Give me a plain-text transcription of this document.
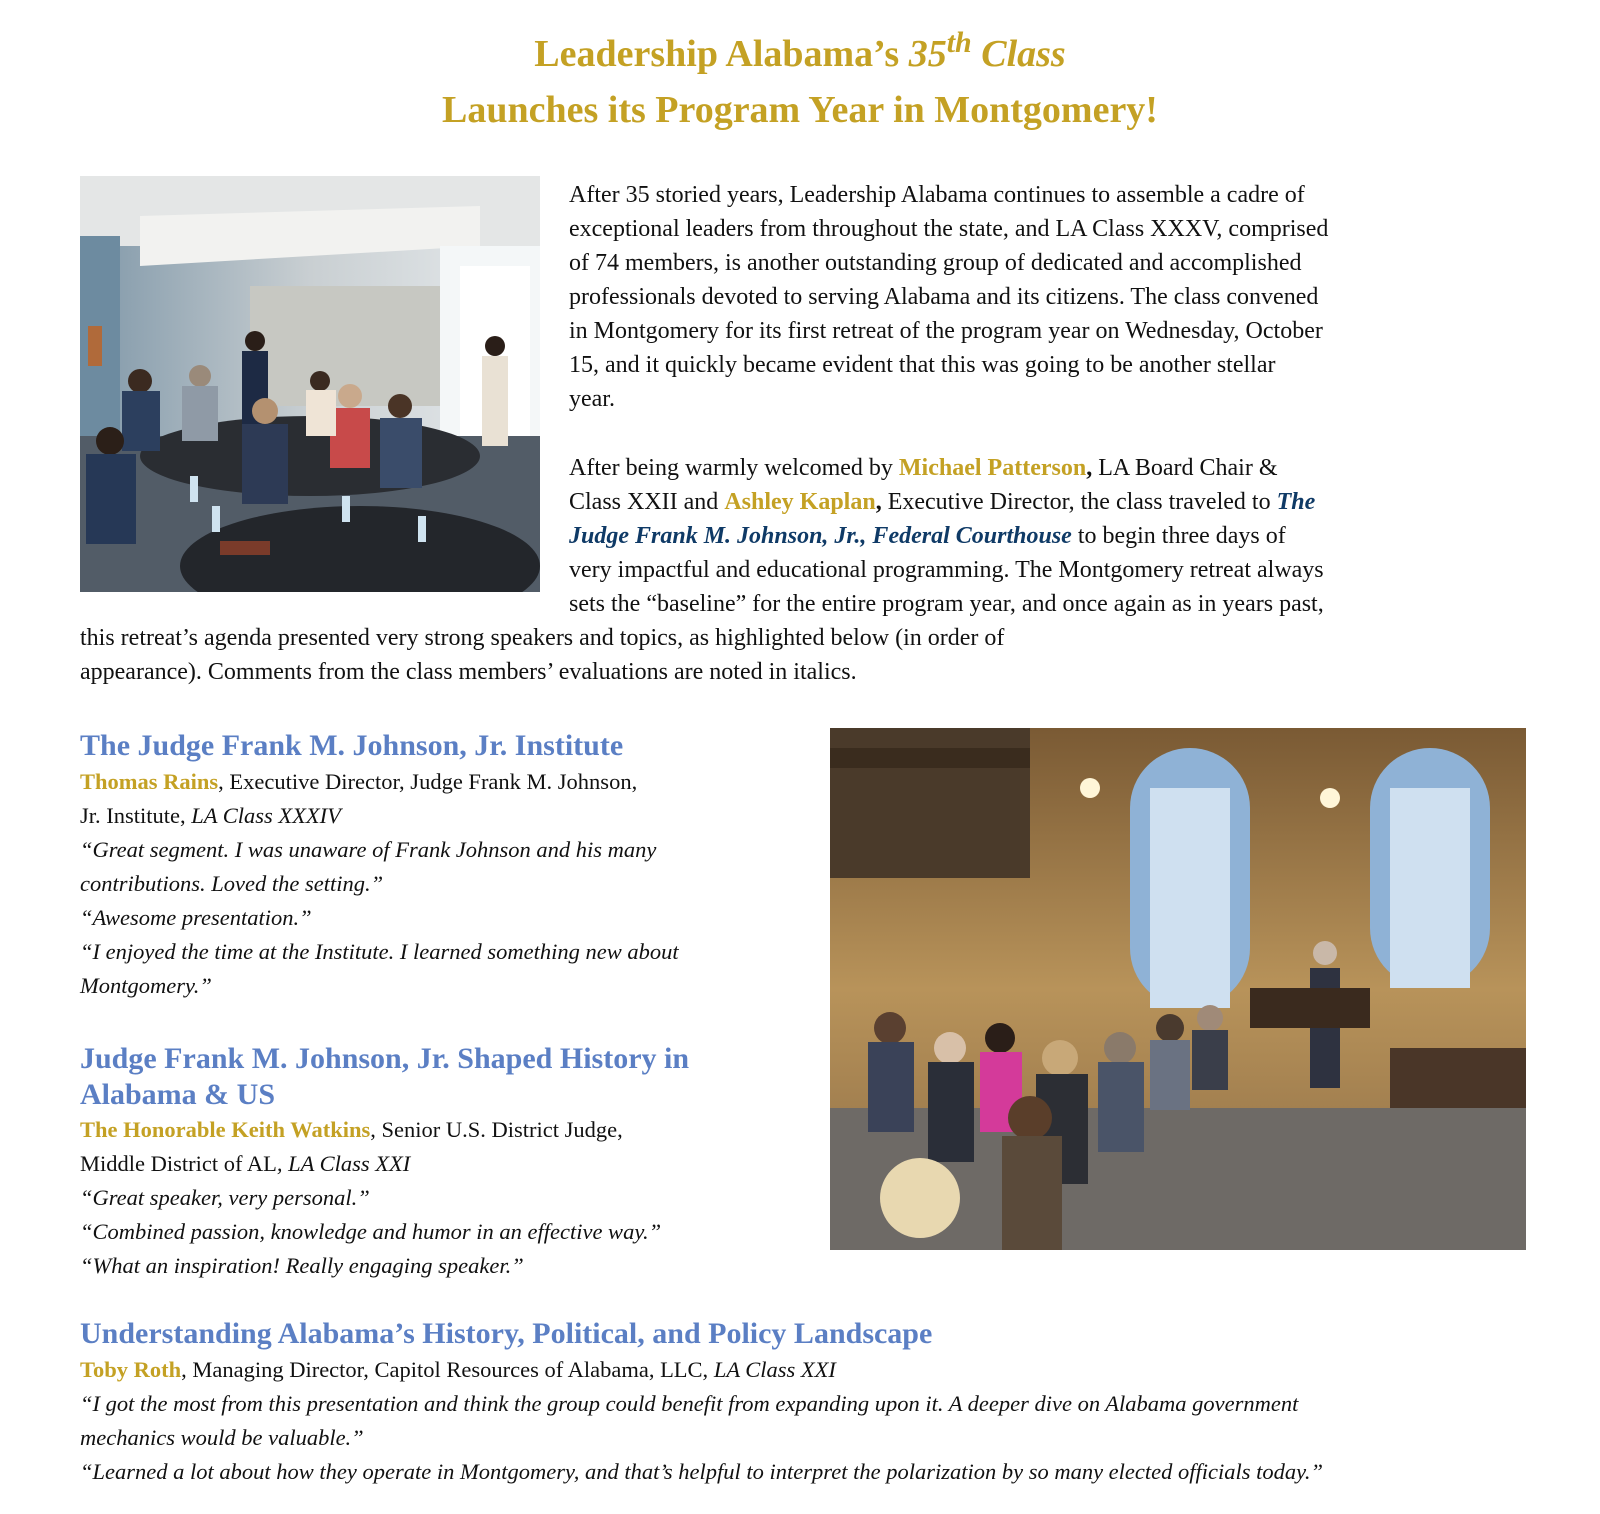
Leadership Alabama’s 35th Class
Launches its Program Year in Montgomery!
After 35 storied years, Leadership Alabama continues to assemble a cadre of
exceptional leaders from throughout the state, and LA Class XXXV, comprised
of 74 members, is another outstanding group of dedicated and accomplished
professionals devoted to serving Alabama and its citizens. The class convened
in Montgomery for its first retreat of the program year on Wednesday, October
15, and it quickly became evident that this was going to be another stellar
year.
After being warmly welcomed by Michael Patterson, LA Board Chair &
Class XXII and Ashley Kaplan, Executive Director, the class traveled to The
Judge Frank M. Johnson, Jr., Federal Courthouse to begin three days of
very impactful and educational programming. The Montgomery retreat always
sets the “baseline” for the entire program year, and once again as in years past,
this retreat’s agenda presented very strong speakers and topics, as highlighted below (in order of
appearance). Comments from the class members’ evaluations are noted in italics.
The Judge Frank M. Johnson, Jr. Institute
Thomas Rains, Executive Director, Judge Frank M. Johnson,
Jr. Institute, LA Class XXXIV
“Great segment. I was unaware of Frank Johnson and his many
contributions. Loved the setting.”
“Awesome presentation.”
“I enjoyed the time at the Institute. I learned something new about
Montgomery.”
Judge Frank M. Johnson, Jr. Shaped History in
Alabama & US
The Honorable Keith Watkins, Senior U.S. District Judge,
Middle District of AL, LA Class XXI
“Great speaker, very personal.”
“Combined passion, knowledge and humor in an effective way.”
“What an inspiration! Really engaging speaker.”
Understanding Alabama’s History, Political, and Policy Landscape
Toby Roth, Managing Director, Capitol Resources of Alabama, LLC, LA Class XXI
“I got the most from this presentation and think the group could benefit from expanding upon it. A deeper dive on Alabama government
mechanics would be valuable.”
“Learned a lot about how they operate in Montgomery, and that’s helpful to interpret the polarization by so many elected officials today.”
